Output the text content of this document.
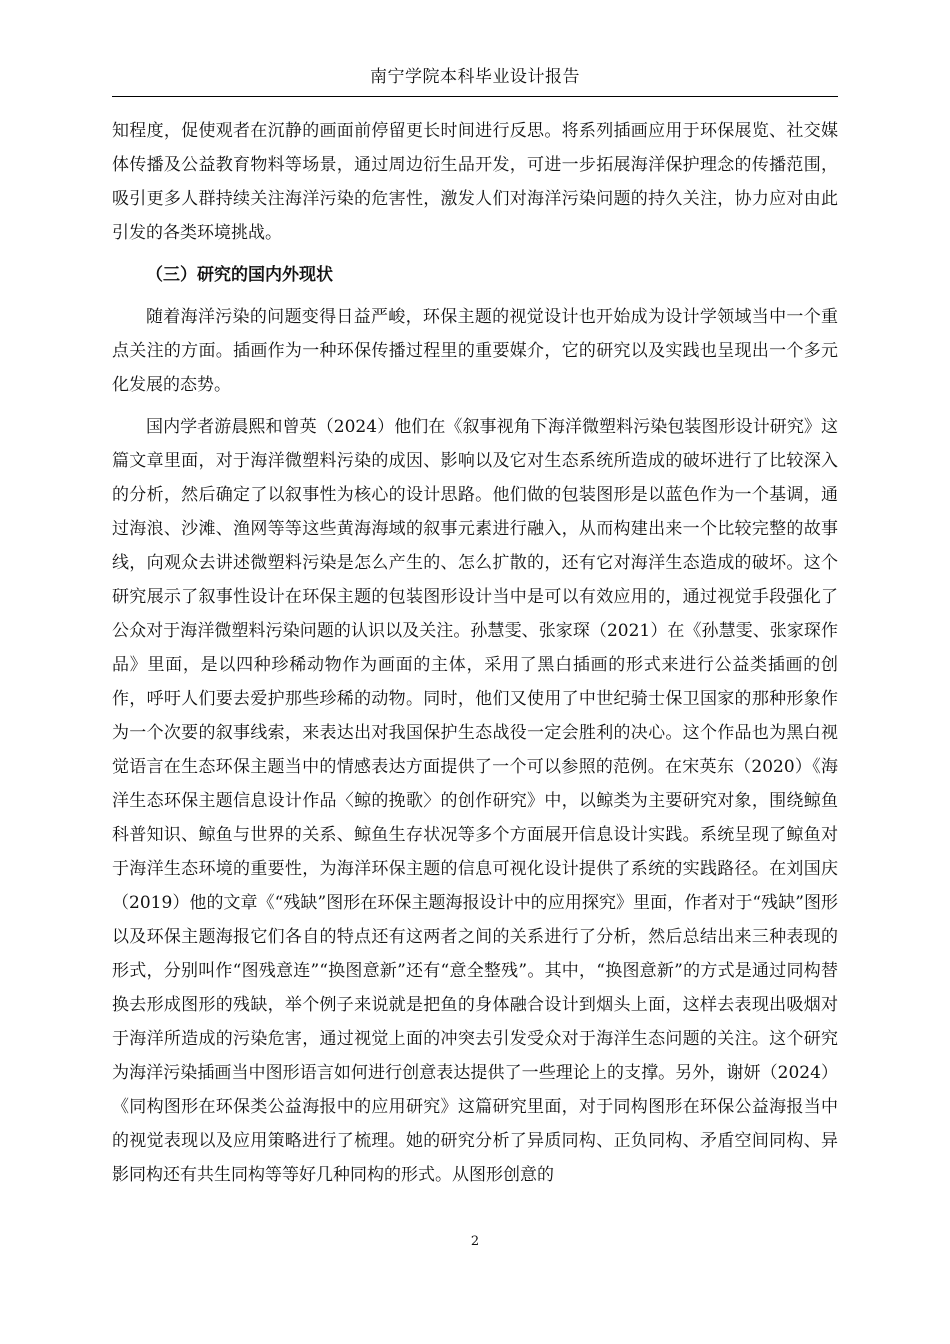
南宁学院本科毕业设计报告

知程度，促使观者在沉静的画面前停留更长时间进行反思。将系列插画应用于环保展览、社交媒体传播及公益教育物料等场景，通过周边衍生品开发，可进一步拓展海洋保护理念的传播范围，吸引更多人群持续关注海洋污染的危害性，激发人们对海洋污染问题的持久关注，协力应对由此引发的各类环境挑战。

（三）研究的国内外现状

随着海洋污染的问题变得日益严峻，环保主题的视觉设计也开始成为设计学领域当中一个重点关注的方面。插画作为一种环保传播过程里的重要媒介，它的研究以及实践也呈现出一个多元化发展的态势。

国内学者游晨熙和曾英（2024）他们在《叙事视角下海洋微塑料污染包装图形设计研究》这篇文章里面，对于海洋微塑料污染的成因、影响以及它对生态系统所造成的破坏进行了比较深入的分析，然后确定了以叙事性为核心的设计思路。他们做的包装图形是以蓝色作为一个基调，通过海浪、沙滩、渔网等等这些黄海海域的叙事元素进行融入，从而构建出来一个比较完整的故事线，向观众去讲述微塑料污染是怎么产生的、怎么扩散的，还有它对海洋生态造成的破坏。这个研究展示了叙事性设计在环保主题的包装图形设计当中是可以有效应用的，通过视觉手段强化了公众对于海洋微塑料污染问题的认识以及关注。孙慧雯、张家琛（2021）在《孙慧雯、张家琛作品》里面，是以四种珍稀动物作为画面的主体，采用了黑白插画的形式来进行公益类插画的创作，呼吁人们要去爱护那些珍稀的动物。同时，他们又使用了中世纪骑士保卫国家的那种形象作为一个次要的叙事线索，来表达出对我国保护生态战役一定会胜利的决心。这个作品也为黑白视觉语言在生态环保主题当中的情感表达方面提供了一个可以参照的范例。在宋英东（2020）《海洋生态环保主题信息设计作品〈鲸的挽歌〉的创作研究》中，以鲸类为主要研究对象，围绕鲸鱼科普知识、鲸鱼与世界的关系、鲸鱼生存状况等多个方面展开信息设计实践。系统呈现了鲸鱼对于海洋生态环境的重要性，为海洋环保主题的信息可视化设计提供了系统的实践路径。在刘国庆（2019）他的文章《“残缺”图形在环保主题海报设计中的应用探究》里面，作者对于“残缺”图形以及环保主题海报它们各自的特点还有这两者之间的关系进行了分析，然后总结出来三种表现的形式，分别叫作“图残意连”“换图意新”还有“意全整残”。其中，“换图意新”的方式是通过同构替换去形成图形的残缺，举个例子来说就是把鱼的身体融合设计到烟头上面，这样去表现出吸烟对于海洋所造成的污染危害，通过视觉上面的冲突去引发受众对于海洋生态问题的关注。这个研究为海洋污染插画当中图形语言如何进行创意表达提供了一些理论上的支撑。另外，谢妍（2024）《同构图形在环保类公益海报中的应用研究》这篇研究里面，对于同构图形在环保公益海报当中的视觉表现以及应用策略进行了梳理。她的研究分析了异质同构、正负同构、矛盾空间同构、异影同构还有共生同构等等好几种同构的形式。从图形创意的

2
